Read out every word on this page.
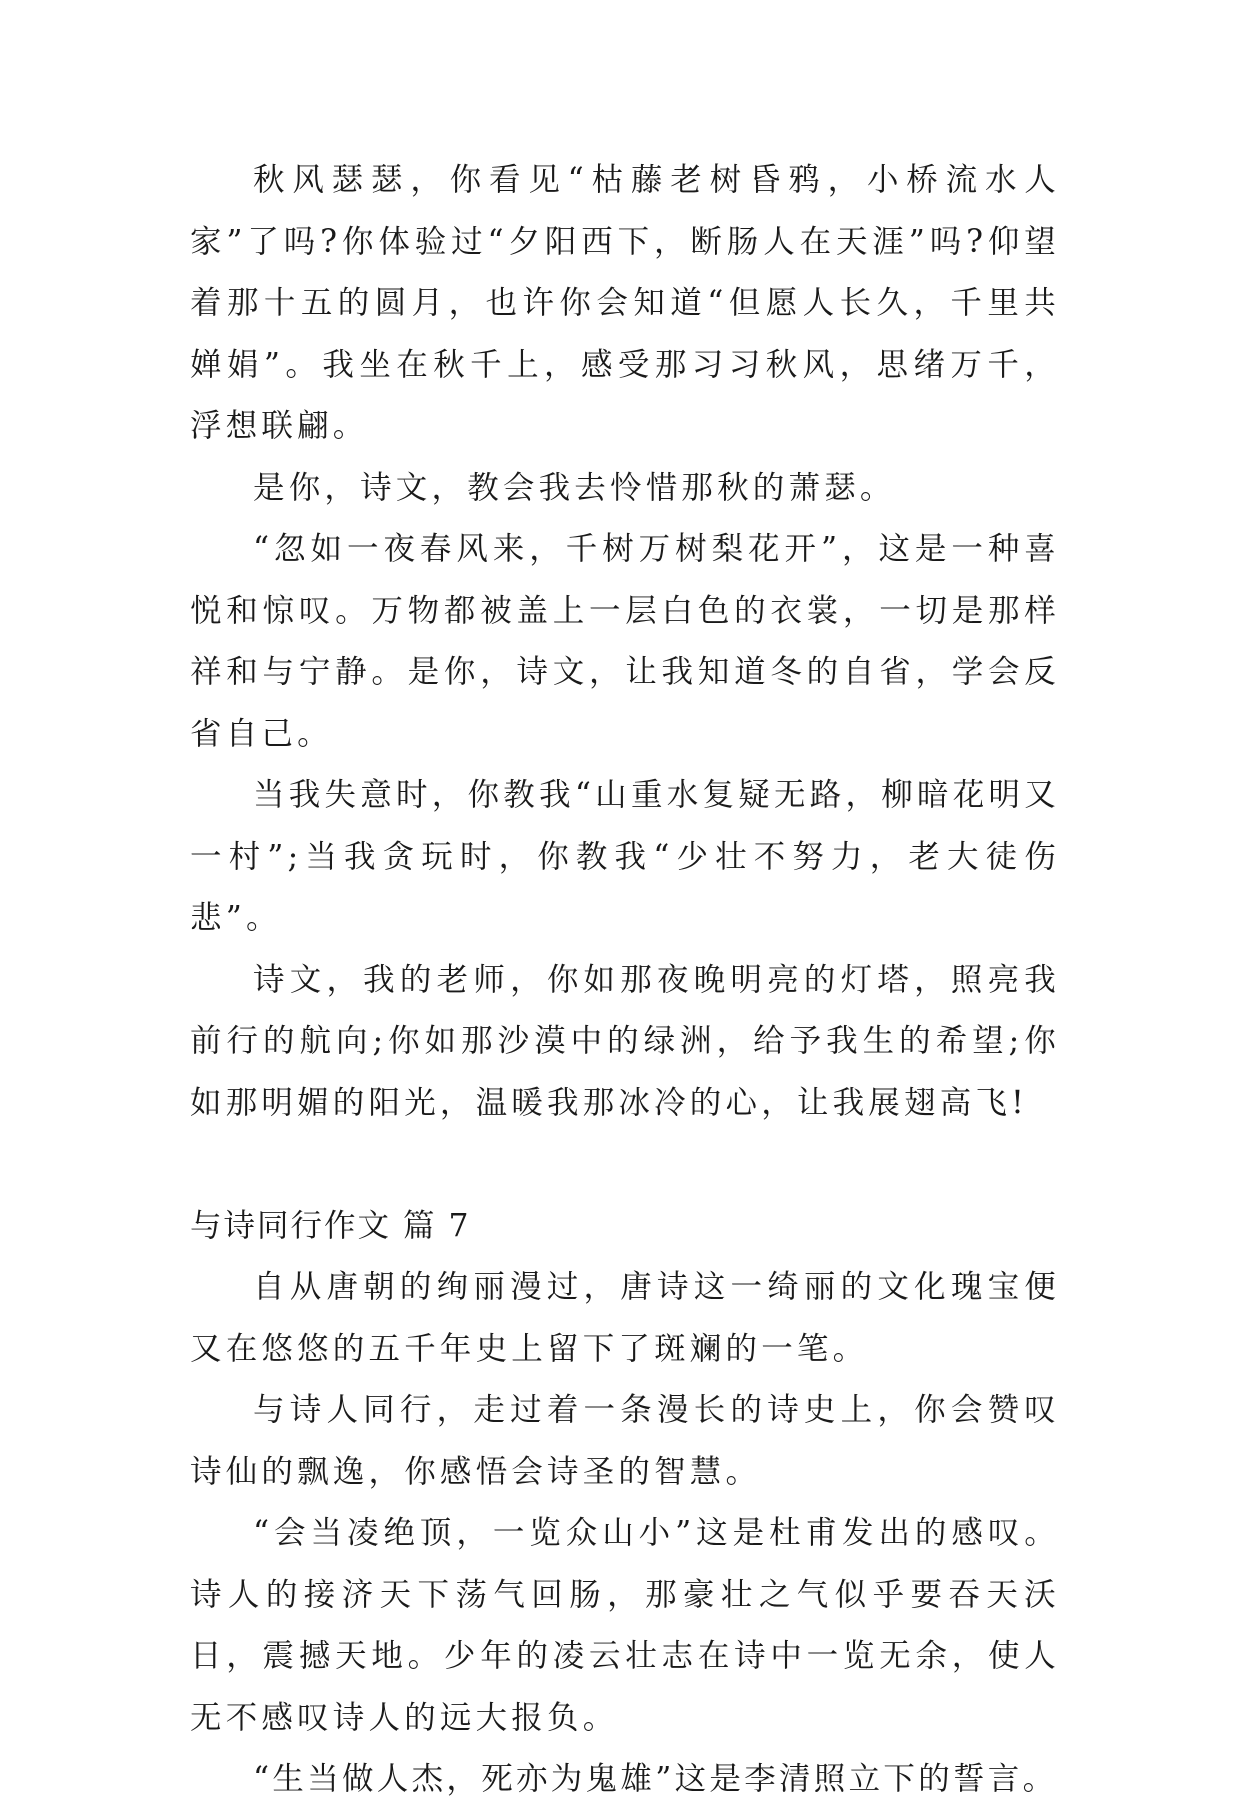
秋风瑟瑟，你看见“枯藤老树昏鸦，小桥流水人家”了吗?你体验过“夕阳西下，断肠人在天涯”吗?仰望着那十五的圆月，也许你会知道“但愿人长久，千里共婵娟”。我坐在秋千上，感受那习习秋风，思绪万千，浮想联翩。

是你，诗文，教会我去怜惜那秋的萧瑟。

“忽如一夜春风来，千树万树梨花开”，这是一种喜悦和惊叹。万物都被盖上一层白色的衣裳，一切是那样祥和与宁静。是你，诗文，让我知道冬的自省，学会反省自己。

当我失意时，你教我“山重水复疑无路，柳暗花明又一村”;当我贪玩时，你教我“少壮不努力，老大徒伤悲”。

诗文，我的老师，你如那夜晚明亮的灯塔，照亮我前行的航向;你如那沙漠中的绿洲，给予我生的希望;你如那明媚的阳光，温暖我那冰冷的心，让我展翅高飞!

与诗同行作文 篇 7

自从唐朝的绚丽漫过，唐诗这一绮丽的文化瑰宝便又在悠悠的五千年史上留下了斑斓的一笔。

与诗人同行，走过着一条漫长的诗史上，你会赞叹诗仙的飘逸，你感悟会诗圣的智慧。

“会当凌绝顶，一览众山小”这是杜甫发出的感叹。诗人的接济天下荡气回肠，那豪壮之气似乎要吞天沃日，震撼天地。少年的凌云壮志在诗中一览无余，使人无不感叹诗人的远大报负。

“生当做人杰，死亦为鬼雄”这是李清照立下的誓言。
